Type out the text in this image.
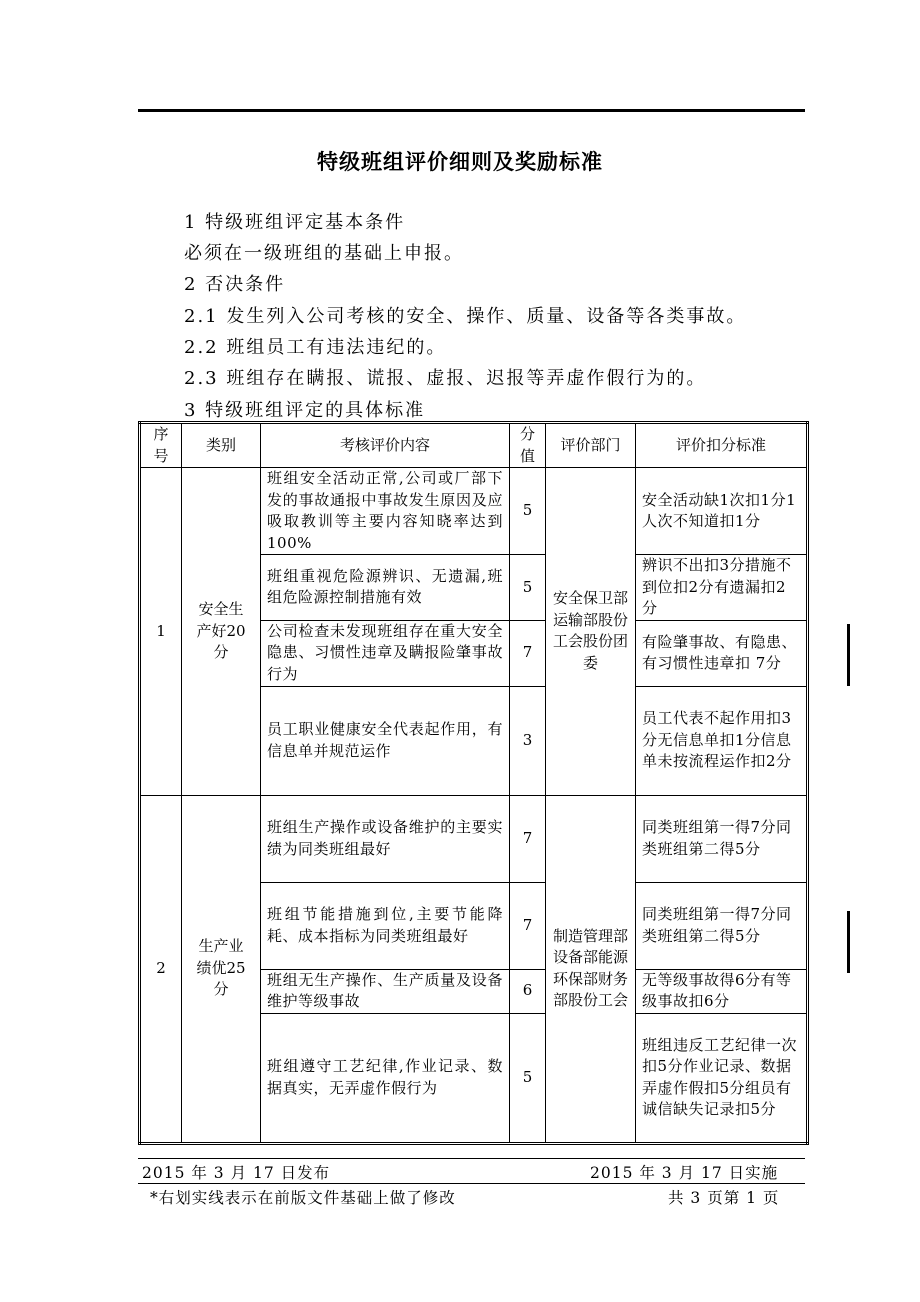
特级班组评价细则及奖励标准
1 特级班组评定基本条件
必须在一级班组的基础上申报。
2 否决条件
2.1 发生列入公司考核的安全、操作、质量、设备等各类事故。
2.2 班组员工有违法违纪的。
2.3 班组存在瞒报、谎报、虚报、迟报等弄虚作假行为的。
3 特级班组评定的具体标准
序号	类别	考核评价内容	分值	评价部门	评价扣分标准
1	安全生产好20分	班组安全活动正常,公司或厂部下发的事故通报中事故发生原因及应吸取教训等主要内容知晓率达到100%	5	安全保卫部运输部股份工会股份团委	安全活动缺1次扣1分1人次不知道扣1分
		班组重视危险源辨识、无遗漏,班组危险源控制措施有效	5		辨识不出扣3分措施不到位扣2分有遗漏扣2分
		公司检查未发现班组存在重大安全隐患、习惯性违章及瞒报险肇事故行为	7		有险肇事故、有隐患、有习惯性违章扣 7分
		员工职业健康安全代表起作用，有信息单并规范运作	3		员工代表不起作用扣3分无信息单扣1分信息单未按流程运作扣2分
2	生产业绩优25分	班组生产操作或设备维护的主要实绩为同类班组最好	7	制造管理部设备部能源环保部财务部股份工会	同类班组第一得7分同类班组第二得5分
		班组节能措施到位,主要节能降耗、成本指标为同类班组最好	7		同类班组第一得7分同类班组第二得5分
		班组无生产操作、生产质量及设备维护等级事故	6		无等级事故得6分有等级事故扣6分
		班组遵守工艺纪律,作业记录、数据真实，无弄虚作假行为	5		班组违反工艺纪律一次扣5分作业记录、数据弄虚作假扣5分组员有诚信缺失记录扣5分
2015 年 3 月 17 日发布	2015 年 3 月 17 日实施
*右划实线表示在前版文件基础上做了修改	共 3 页第 1 页
